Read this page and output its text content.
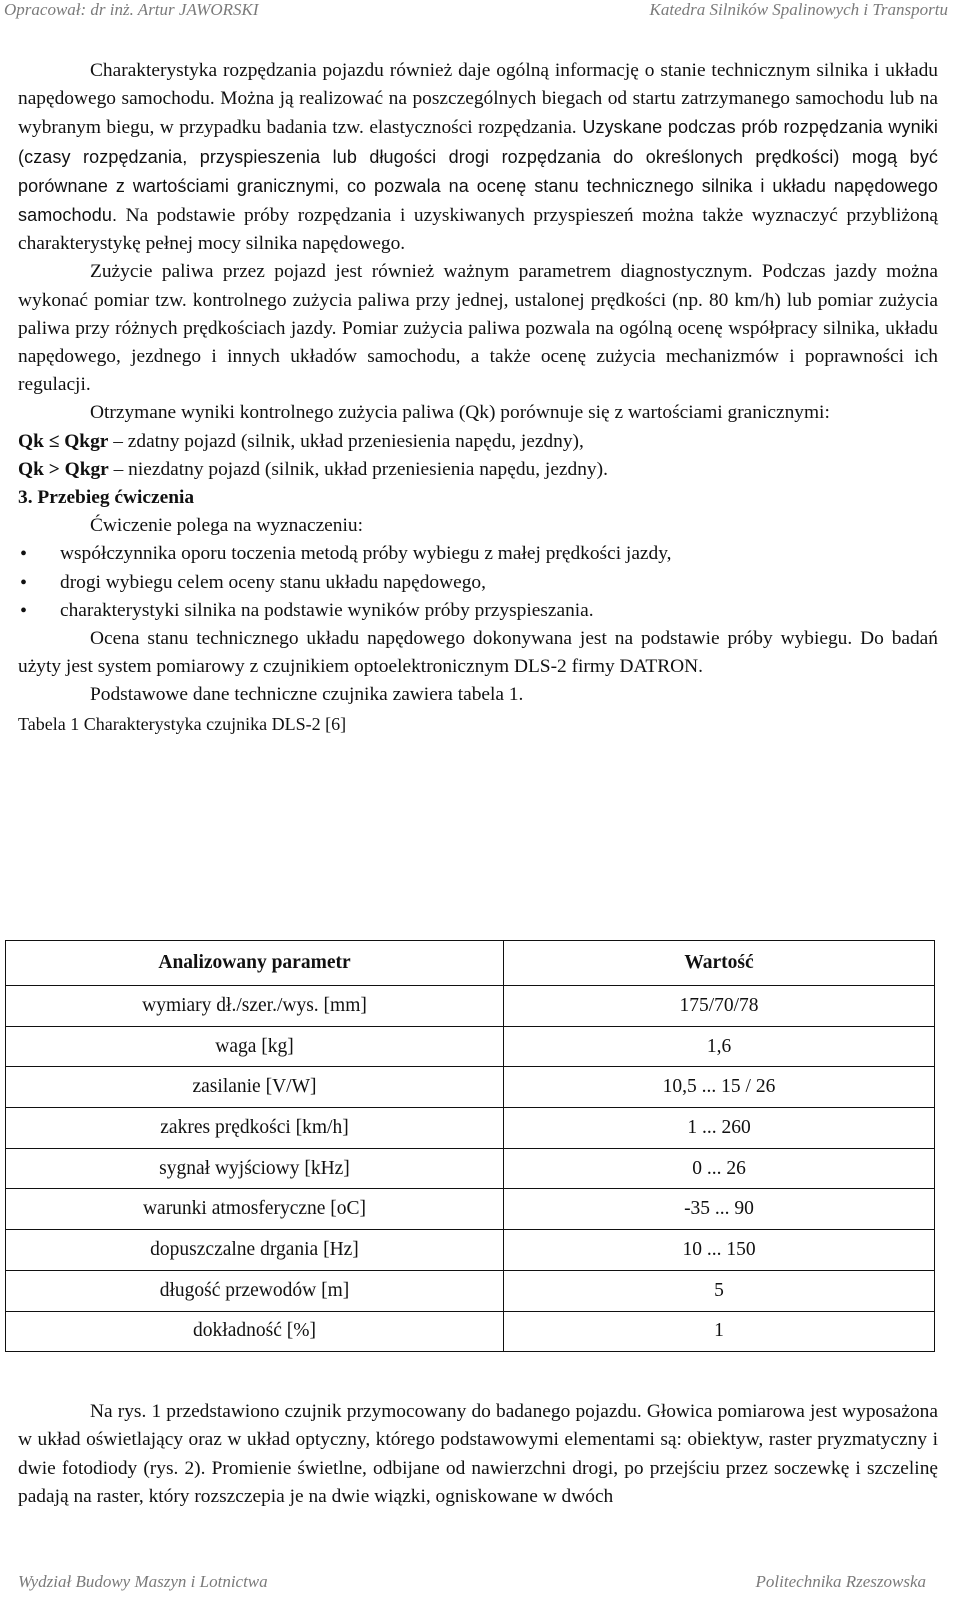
Opracował: dr inż. Artur JAWORSKI	Katedra Silników Spalinowych i Transportu

Charakterystyka rozpędzania pojazdu również daje ogólną informację o stanie technicznym silnika i układu napędowego samochodu. Można ją realizować na poszczególnych biegach od startu zatrzymanego samochodu lub na wybranym biegu, w przypadku badania tzw. elastyczności rozpędzania. Uzyskane podczas prób rozpędzania wyniki (czasy rozpędzania, przyspieszenia lub długości drogi rozpędzania do określonych prędkości) mogą być porównane z wartościami granicznymi, co pozwala na ocenę stanu technicznego silnika i układu napędowego samochodu. Na podstawie próby rozpędzania i uzyskiwanych przyspieszeń można także wyznaczyć przybliżoną charakterystykę pełnej mocy silnika napędowego.

Zużycie paliwa przez pojazd jest również ważnym parametrem diagnostycznym. Podczas jazdy można wykonać pomiar tzw. kontrolnego zużycia paliwa przy jednej, ustalonej prędkości (np. 80 km/h) lub pomiar zużycia paliwa przy różnych prędkościach jazdy. Pomiar zużycia paliwa pozwala na ogólną ocenę współpracy silnika, układu napędowego, jezdnego i innych układów samochodu, a także ocenę zużycia mechanizmów i poprawności ich regulacji.

Otrzymane wyniki kontrolnego zużycia paliwa (Qk) porównuje się z wartościami granicznymi:

Qk ≤ Qkgr – zdatny pojazd (silnik, układ przeniesienia napędu, jezdny),

Qk > Qkgr – niezdatny pojazd (silnik, układ przeniesienia napędu, jezdny).

3. Przebieg ćwiczenia

Ćwiczenie polega na wyznaczeniu:

• współczynnika oporu toczenia metodą próby wybiegu z małej prędkości jazdy,
• drogi wybiegu celem oceny stanu układu napędowego,
• charakterystyki silnika na podstawie wyników próby przyspieszania.

Ocena stanu technicznego układu napędowego dokonywana jest na podstawie próby wybiegu. Do badań użyty jest system pomiarowy z czujnikiem optoelektronicznym DLS-2 firmy DATRON.

Podstawowe dane techniczne czujnika zawiera tabela 1.

Tabela 1 Charakterystyka czujnika DLS-2 [6]

Analizowany parametr	Wartość
wymiary dł./szer./wys. [mm]	175/70/78
waga [kg]	1,6
zasilanie [V/W]	10,5 ... 15 / 26
zakres prędkości [km/h]	1 ... 260
sygnał wyjściowy [kHz]	0 ... 26
warunki atmosferyczne [oC]	-35 ... 90
dopuszczalne drgania [Hz]	10 ... 150
długość przewodów [m]	5
dokładność [%]	1

Na rys. 1 przedstawiono czujnik przymocowany do badanego pojazdu. Głowica pomiarowa jest wyposażona w układ oświetlający oraz w układ optyczny, którego podstawowymi elementami są: obiektyw, raster pryzmatyczny i dwie fotodiody (rys. 2). Promienie świetlne, odbijane od nawierzchni drogi, po przejściu przez soczewkę i szczelinę padają na raster, który rozszczepia je na dwie wiązki, ogniskowane w dwóch

Wydział Budowy Maszyn i Lotnictwa	Politechnika Rzeszowska
